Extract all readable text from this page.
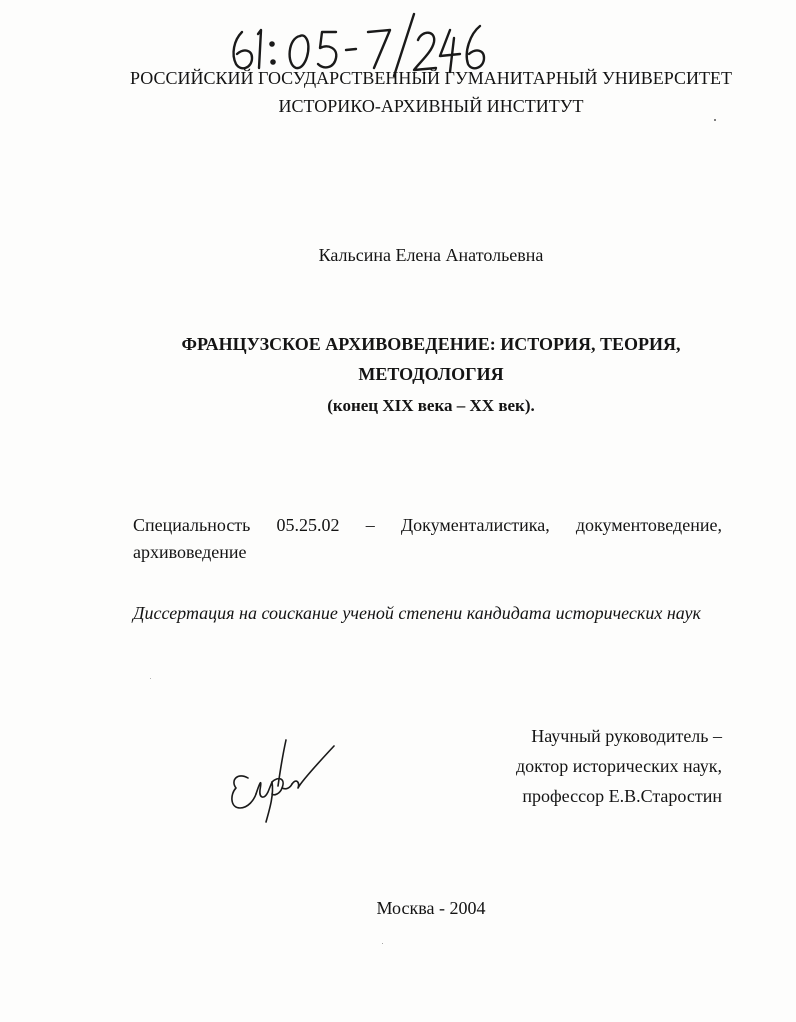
РОССИЙСКИЙ ГОСУДАРСТВЕННЫЙ ГУМАНИТАРНЫЙ УНИВЕРСИТЕТ
ИСТОРИКО-АРХИВНЫЙ ИНСТИТУТ
Кальсина Елена Анатольевна
ФРАНЦУЗСКОЕ АРХИВОВЕДЕНИЕ: ИСТОРИЯ, ТЕОРИЯ,
МЕТОДОЛОГИЯ
(конец XIX века – XX век).
Специальность 05.25.02 – Документалистика, документоведение,
архивоведение
Диссертация на соискание ученой степени кандидата исторических наук
Научный руководитель –
доктор исторических наук,
профессор Е.В.Старостин
Москва - 2004
